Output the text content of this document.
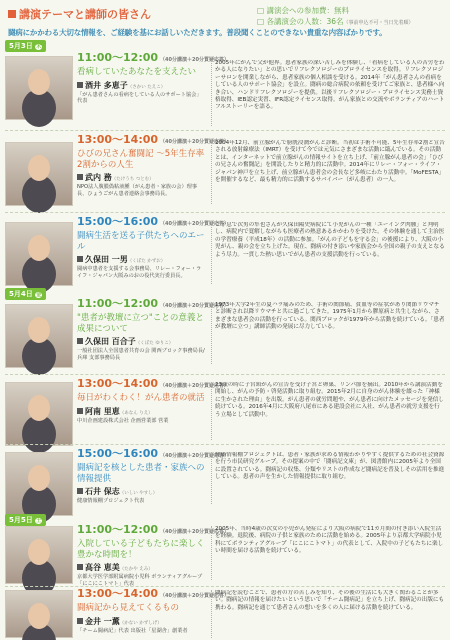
講演テーマと講師の皆さん	□ 講演会への参加費：無料
□ 各講演会の人数：36名（事前申込不可・当日先着順）
闘病にかかわる大切な情報を、ご経験を基にお話しいただきます。普段聞くことのできない貴重な内容ばかりです。
5月3日 木
11:00～12:00 （40分講演＋20分質疑応答）
看病していたあなたを支えたい
酒井 多恵子（さかい たえこ）
「がん患者さんの看病をしている人のサポート協会」代表
2005年にがんで父が他界。患者家族の深い苦しみを体験し、「看病をしている人の苦労をわかる人になりたい」との思いでリフレクソロジーのプロライセンスを取得。リフレクソロジーサロンを開業しながら、患者家族の個人相談を受ける。2014年「がん患者さんの看病をしている人のサポート協会」を設立。闘病の総合病院の依頼を受けてご家族と、患者様へ向き合い、ハンドリフレクソロジーを提供。以後リフレクソロジー・プロライセンス実務士資格取得、IEB認定実習、IFR認定ライセンス取得。がん家族との交流やボランティアのハートフルストーリーを語る。
13:00～14:00 （40分講演＋20分質疑応答）
ひびの兄さん奮闘記 ～5年生存率2割からの人生
武内 務（たけうち つとむ）
NPO法人腹膜偽粘液腫（がん患者・家族の会）理事長、ひょうごがん患者連絡会事務局長。
2004年12月、前立腺がんで膀胱浸潤がんと診断。当初は手術不可能、5年生存率2割と宣告される放射線療法（IMRT）を受けて今では元気にさまざまな活動に臨んでいる。その活動とは、インターネットで前立腺がんの情報サイトを立ち上げ、「前立腺がん患者の会」「ひびの兄さんの奮闘記」を開設したりと精力的に活動中。2014年にリレー・フォー・ライフ・ジャパン神戸を立ち上げ、前立腺がん患者会の会長など多岐にわたり活動中。「MoFESTA」を開催するなど、最も精力的に活動するサバイバー（がん患者）の一人。
15:00～16:00 （40分講演＋20分質疑応答）
闘病生活を送る子供たちへのエール
久保田 一男（くぼた かずお）
闘病中患者を支援する会事務局、リレー・フォー・ライフ・ジャパン大阪みのおの役代実行委員長。
ご子息で次男の隼也さんが久保田陽史病院にて小児がんの一種「ユーイング肉腫」と判明し、病院内で寛解しながらも医療者の熱意あるかかわりを受けた。その体験を通して主治医の学習療養（平成18年）の活動に参加。「がんの子どもを守る会」の後援により、大阪の小児がん、親の会を立ち上げた。現在、闘病の付き添いや家族会から全国の親子の支えとなるよう尽力。一貫した熱い思いでがん患者の支援活動を行っている。
5月4日 金
11:00～12:00 （40分講演＋20分質疑応答）
"患者が教壇に立つ"ことの意義と成果について
久保田 百合子（くぼた ゆりこ）
一般社団法人全国患者共育の会 関西ブロック事務局長/兵庫 支部事務局長
1973年大学2年生の夏ハラ痛みのため、手術の関節痛、貧血等の症状があり関節リウマチと診断され以降リウマチと共に過ごしてきた。1975年1月から膠原病と共生しながら、さまざまな患者会の活動を行っている。関西ブロックが1979年から活動を続けている。「患者が教壇に立つ」講師活動の発展に尽力している。
13:00～14:00 （40分講演＋20分質疑応答）
毎日がわくわく！がん患者の就活
阿南 里恵（あなん りえ）
中川企画建設株式会社 企画営業部 営業
23歳の時に子宮頸がんの宣告を受け子宮と卵巣、リンパ節を摘出。2010年から講演活動を開始し、がんの予防・啓発活動に取り組む。2015年2月に自身のがん体験を綴った「神様に生かされた理由」を出版。がん患者の就労問題や、がん患者に向けたメッセージを発信し続けている。2016年4月に大阪府八尾市にある建設会社に入社、がん患者の就労支援を行う立場として活動中。
15:00～16:00 （40分講演＋20分質疑応答）
闘病記を核とした患者・家族への情報提供
石井 保志（いしい やすし）
健康情報棚プロジェクト代表
健康情報棚プロジェクトは、患者・家族が求める情報わかりやすく提供するための社会資源を行う市民研究グループ。その提案の中で「闘病記文庫」が、図書館内に2005年より全国に設置されている。闘病記の収集、分類やリストの作成など闘病記を普及しその活用を推進している。患者の声を生かした情報提供に取り組む。
5月5日 土
11:00～12:00 （40分講演＋20分質疑応答）
入院している子どもたちに楽しく豊かな時間を！
高谷 恵美（たかや えみ）
京都大学医学部附属病院小児科 ボランティアグループ「にこにこトマト」代表
2005年、当時4歳の次女の小児がん発症により大阪の病院で11カ月間の付き添い入院生活を経験。退院後、病院の子供と家族のために活動を始める。2005年より京都大学病院小児科にてボランティアグループ「にこにこトマト」の代表として、入院中の子どもたちに楽しい時間を届ける活動を続けている。
13:00～14:00 （40分講演＋20分質疑応答）
闘病記から見えてくるもの
金井 一薫（かない かずしげ）
「チーム闘病記」代表 出版社「星湖舎」創業者
闘病記を読むことで、患者の方の苦しみを知り、その後の生活にも大きく関わることが多い。闘病記の情報を届けたいという思いで「チーム闘病記」を立ち上げ、闘病記の出版にも携わる。闘病記を通じて患者さんの想いを多くの人に届ける活動を続けている。
